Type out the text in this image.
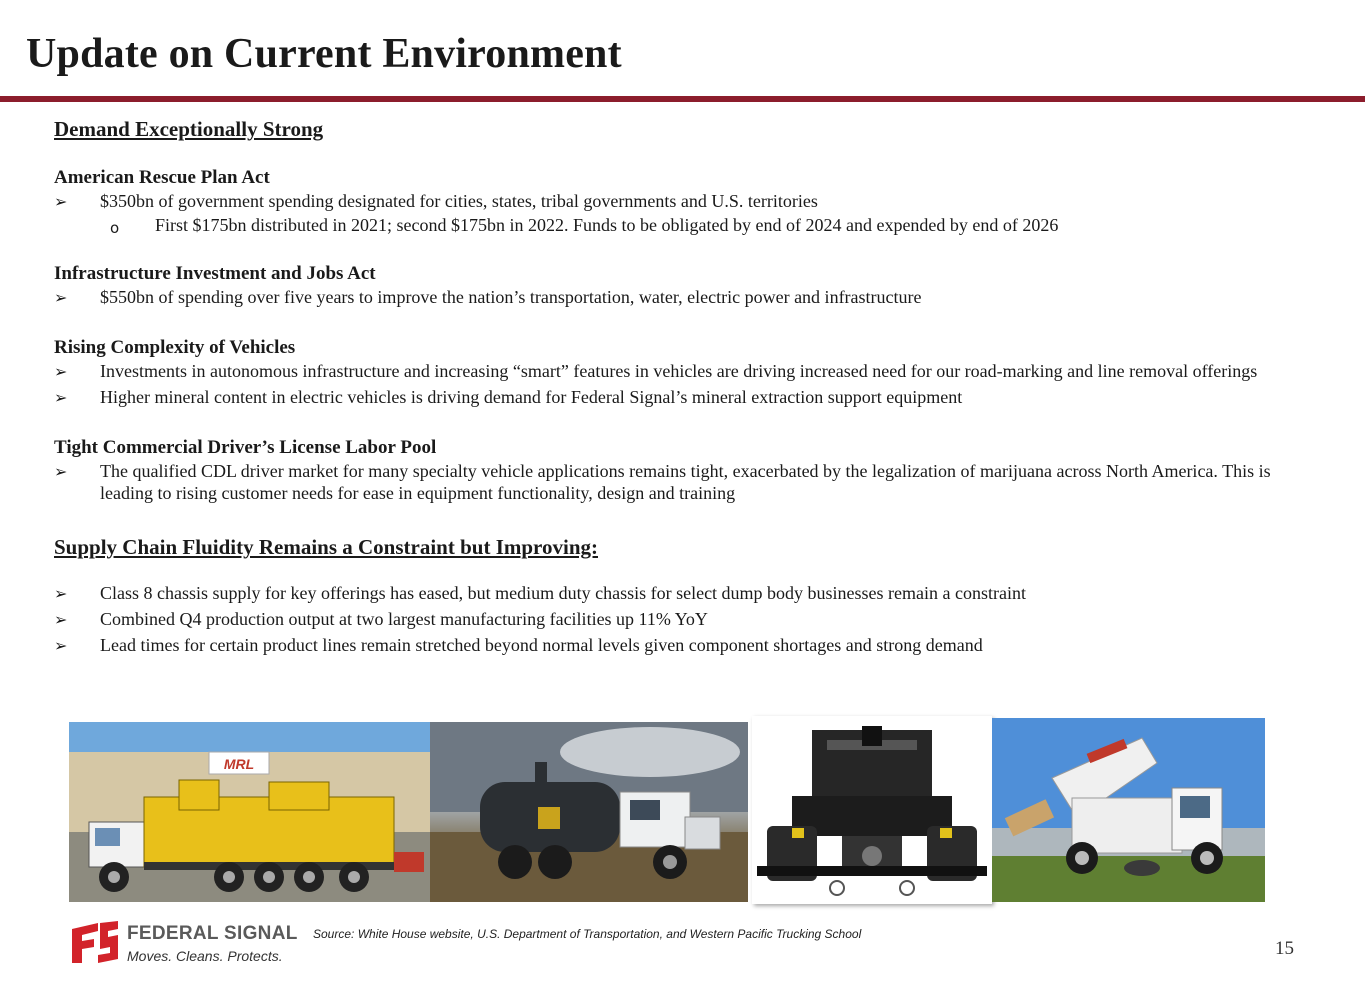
Update on Current Environment

Demand Exceptionally Strong

American Rescue Plan Act

➢ $350bn of government spending designated for cities, states, tribal governments and U.S. territories
o First $175bn distributed in 2021; second $175bn in 2022. Funds to be obligated by end of 2024 and expended by end of 2026

Infrastructure Investment and Jobs Act

➢ $550bn of spending over five years to improve the nation’s transportation, water, electric power and infrastructure

Rising Complexity of Vehicles

➢ Investments in autonomous infrastructure and increasing “smart” features in vehicles are driving increased need for our road-marking and line removal offerings
➢ Higher mineral content in electric vehicles is driving demand for Federal Signal’s mineral extraction support equipment

Tight Commercial Driver’s License Labor Pool

➢ The qualified CDL driver market for many specialty vehicle applications remains tight, exacerbated by the legalization of marijuana across North America. This is leading to rising customer needs for ease in equipment functionality, design and training

Supply Chain Fluidity Remains a Constraint but Improving:

➢ Class 8 chassis supply for key offerings has eased, but medium duty chassis for select dump body businesses remain a constraint
➢ Combined Q4 production output at two largest manufacturing facilities up 11% YoY
➢ Lead times for certain product lines remain stretched beyond normal levels given component shortages and strong demand
MRL
FEDERAL SIGNAL
Moves. Cleans. Protects.
Source: White House website, U.S. Department of Transportation, and Western Pacific Trucking School
15
